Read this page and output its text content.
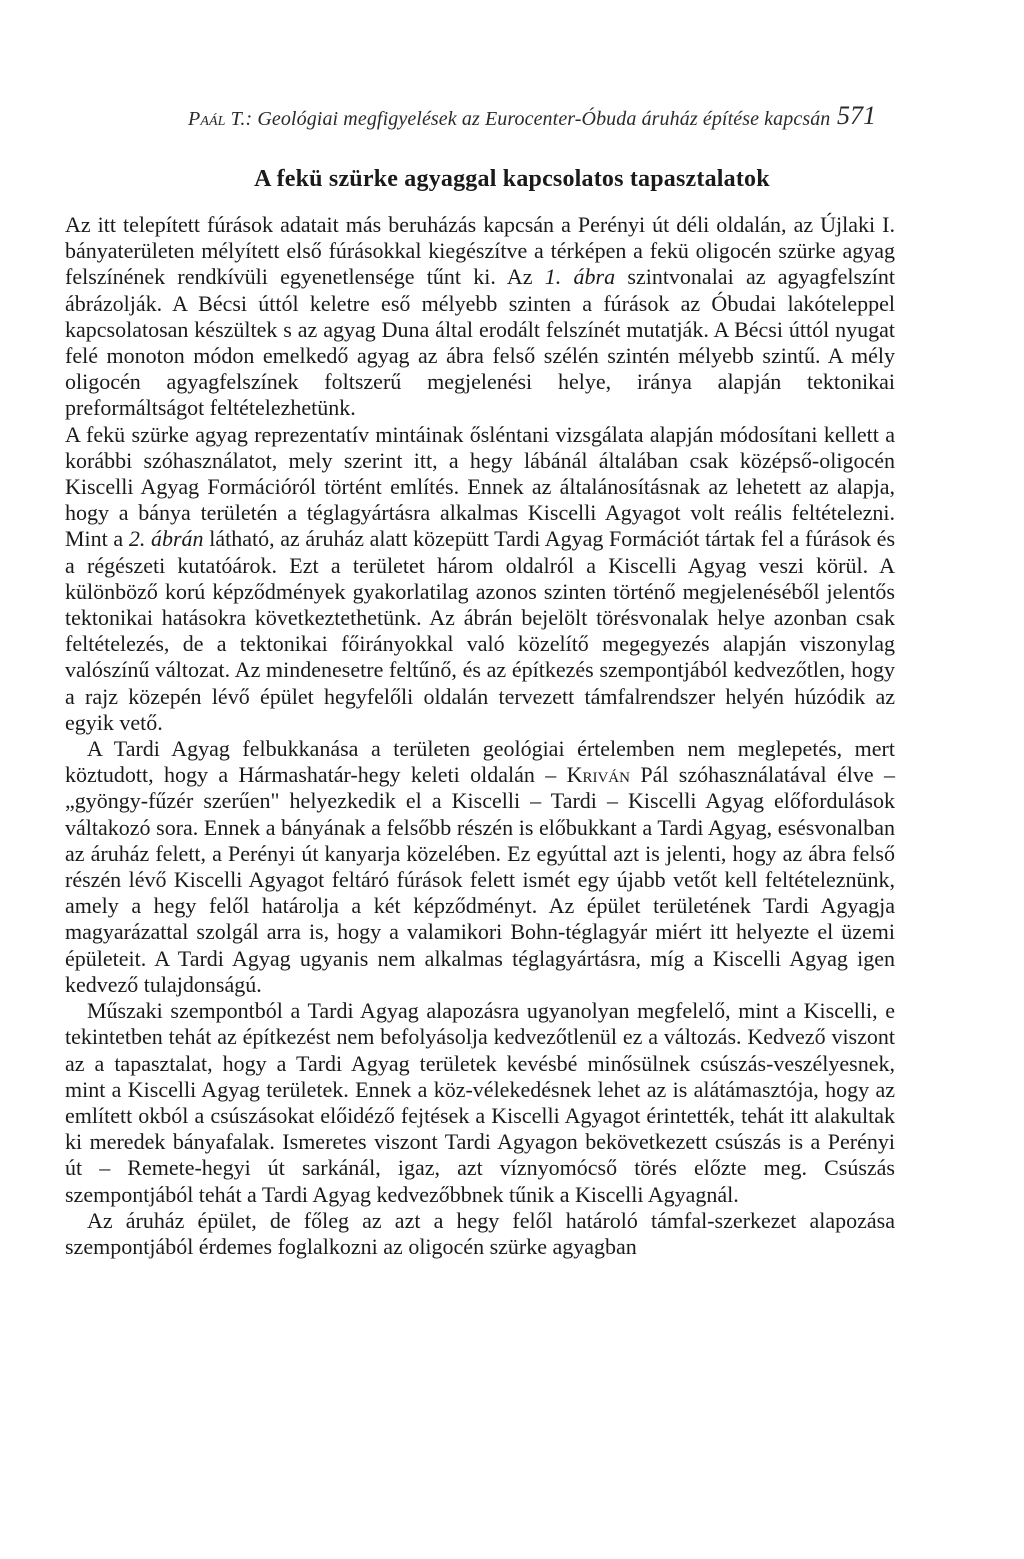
Paál T.: Geológiai megfigyelések az Eurocenter-Óbuda áruház építése kapcsán 571
A fekü szürke agyaggal kapcsolatos tapasztalatok

Az itt telepített fúrások adatait más beruházás kapcsán a Perényi út déli oldalán, az Újlaki I. bányaterületen mélyített első fúrásokkal kiegészítve a térképen a fekü oligocén szürke agyag felszínének rendkívüli egyenetlensége tűnt ki. Az 1. ábra szintvonalai az agyagfelszínt ábrázolják. A Bécsi úttól keletre eső mélyebb szinten a fúrások az Óbudai lakóteleppel kapcsolatosan készültek s az agyag Duna által erodált felszínét mutatják. A Bécsi úttól nyugat felé monoton módon emelkedő agyag az ábra felső szélén szintén mélyebb szintű. A mély oligocén agyagfelszínek foltszerű megjelenési helye, iránya alapján tektonikai preformáltságot feltételezhetünk.

A fekü szürke agyag reprezentatív mintáinak ősléntani vizsgálata alapján módosítani kellett a korábbi szóhasználatot, mely szerint itt, a hegy lábánál általában csak középső-oligocén Kiscelli Agyag Formációról történt említés. Ennek az általánosításnak az lehetett az alapja, hogy a bánya területén a téglagyártásra alkalmas Kiscelli Agyagot volt reális feltételezni. Mint a 2. ábrán látható, az áruház alatt közepütt Tardi Agyag Formációt tártak fel a fúrások és a régészeti kutatóárok. Ezt a területet három oldalról a Kiscelli Agyag veszi körül. A különböző korú képződmények gyakorlatilag azonos szinten történő megjelenéséből jelentős tektonikai hatásokra következtethetünk. Az ábrán bejelölt törésvonalak helye azonban csak feltételezés, de a tektonikai főirányokkal való közelítő megegyezés alapján viszonylag valószínű változat. Az mindenesetre feltűnő, és az építkezés szempontjából kedvezőtlen, hogy a rajz közepén lévő épület hegyfelőli oldalán tervezett támfalrendszer helyén húzódik az egyik vető.

A Tardi Agyag felbukkanása a területen geológiai értelemben nem meglepetés, mert köztudott, hogy a Hármashatár-hegy keleti oldalán – Kriván Pál szóhasználatával élve – „gyöngy-fűzér szerűen" helyezkedik el a Kiscelli – Tardi – Kiscelli Agyag előfordulások váltakozó sora. Ennek a bányának a felsőbb részén is előbukkant a Tardi Agyag, esésvonalban az áruház felett, a Perényi út kanyarja közelében. Ez egyúttal azt is jelenti, hogy az ábra felső részén lévő Kiscelli Agyagot feltáró fúrások felett ismét egy újabb vetőt kell feltételeznünk, amely a hegy felől határolja a két képződményt. Az épület területének Tardi Agyagja magyarázattal szolgál arra is, hogy a valamikori Bohn-téglagyár miért itt helyezte el üzemi épületeit. A Tardi Agyag ugyanis nem alkalmas téglagyártásra, míg a Kiscelli Agyag igen kedvező tulajdonságú.

Műszaki szempontból a Tardi Agyag alapozásra ugyanolyan megfelelő, mint a Kiscelli, e tekintetben tehát az építkezést nem befolyásolja kedvezőtlenül ez a változás. Kedvező viszont az a tapasztalat, hogy a Tardi Agyag területek kevésbé minősülnek csúszás-veszélyesnek, mint a Kiscelli Agyag területek. Ennek a köz-vélekedésnek lehet az is alátámasztója, hogy az említett okból a csúszásokat előidéző fejtések a Kiscelli Agyagot érintették, tehát itt alakultak ki meredek bányafalak. Ismeretes viszont Tardi Agyagon bekövetkezett csúszás is a Perényi út – Remete-hegyi út sarkánál, igaz, azt víznyomócső törés előzte meg. Csúszás szempontjából tehát a Tardi Agyag kedvezőbbnek tűnik a Kiscelli Agyagnál.

Az áruház épület, de főleg az azt a hegy felől határoló támfal-szerkezet alapozása szempontjából érdemes foglalkozni az oligocén szürke agyagban
